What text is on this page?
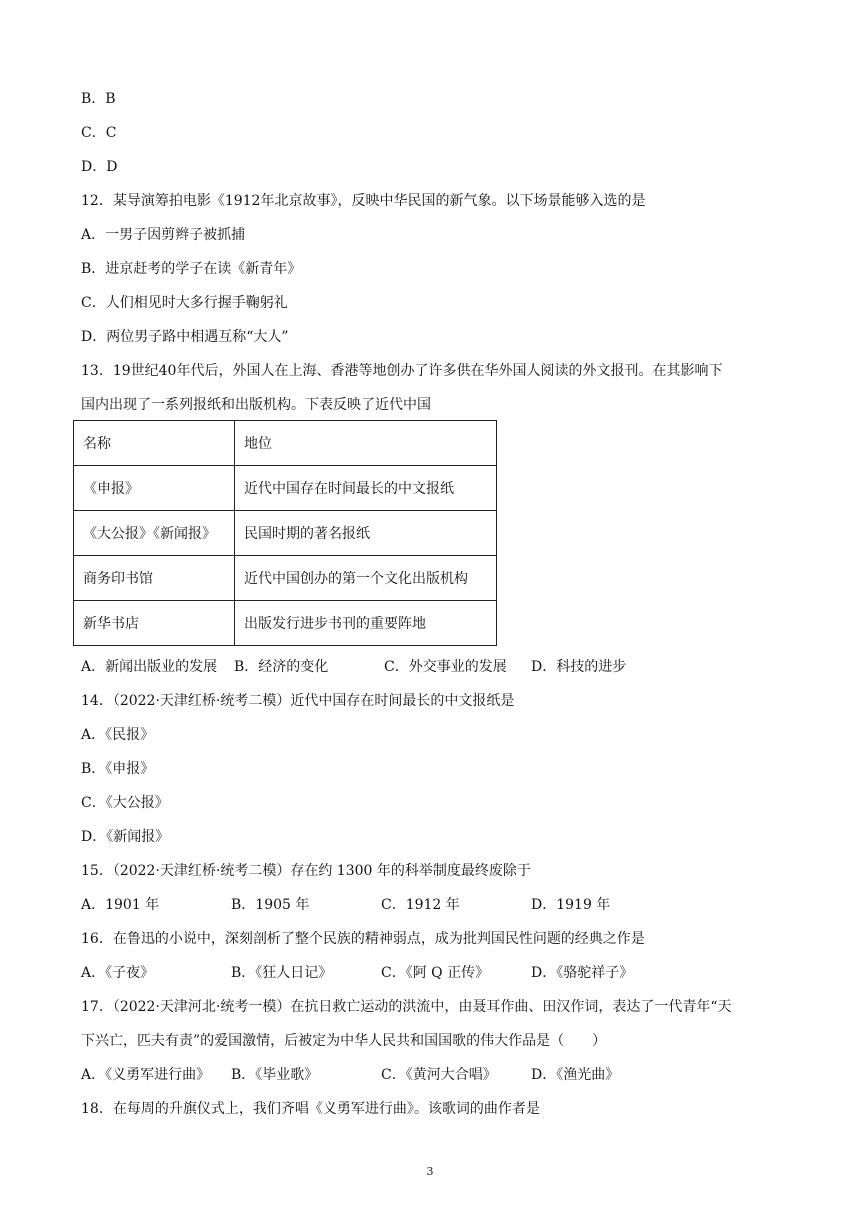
B．B
C．C
D．D
12．某导演筹拍电影《1912年北京故事》，反映中华民国的新气象。以下场景能够入选的是
A．一男子因剪辫子被抓捕
B．进京赶考的学子在读《新青年》
C．人们相见时大多行握手鞠躬礼
D．两位男子路中相遇互称“大人”
13．19世纪40年代后，外国人在上海、香港等地创办了许多供在华外国人阅读的外文报刊。在其影响下
国内出现了一系列报纸和出版机构。下表反映了近代中国
名称	地位
《申报》	近代中国存在时间最长的中文报纸
《大公报》《新闻报》	民国时期的著名报纸
商务印书馆	近代中国创办的第一个文化出版机构
新华书店	出版发行进步书刊的重要阵地
A．新闻出版业的发展	B．经济的变化	C．外交事业的发展	D．科技的进步
14．（2022·天津红桥·统考二模）近代中国存在时间最长的中文报纸是
A．《民报》
B．《申报》
C．《大公报》
D．《新闻报》
15．（2022·天津红桥·统考二模）存在约 1300 年的科举制度最终废除于
A．1901 年	B．1905 年	C．1912 年	D．1919 年
16．在鲁迅的小说中，深刻剖析了整个民族的精神弱点，成为批判国民性问题的经典之作是
A．《子夜》	B．《狂人日记》	C．《阿 Q 正传》	D．《骆驼祥子》
17．（2022·天津河北·统考一模）在抗日救亡运动的洪流中，由聂耳作曲、田汉作词，表达了一代青年“天
下兴亡，匹夫有责”的爱国激情，后被定为中华人民共和国国歌的伟大作品是（　　）
A．《义勇军进行曲》	B．《毕业歌》	C．《黄河大合唱》	D．《渔光曲》
18．在每周的升旗仪式上，我们齐唱《义勇军进行曲》。该歌词的曲作者是
3
